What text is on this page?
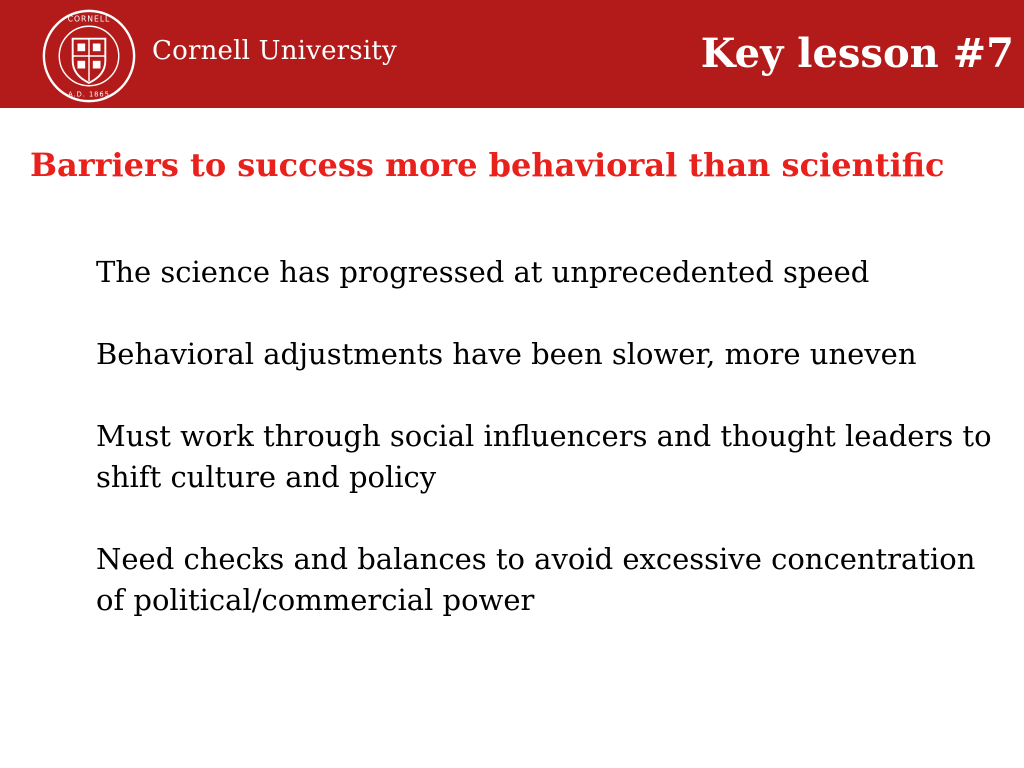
CORNELL
A.D. 1865
Cornell University	Key lesson #7
Barriers to success more behavioral than scientific
The science has progressed at unprecedented speed
Behavioral adjustments have been slower, more uneven
Must work through social influencers and thought leaders to shift culture and policy
Need checks and balances to avoid excessive concentration of political/commercial power
